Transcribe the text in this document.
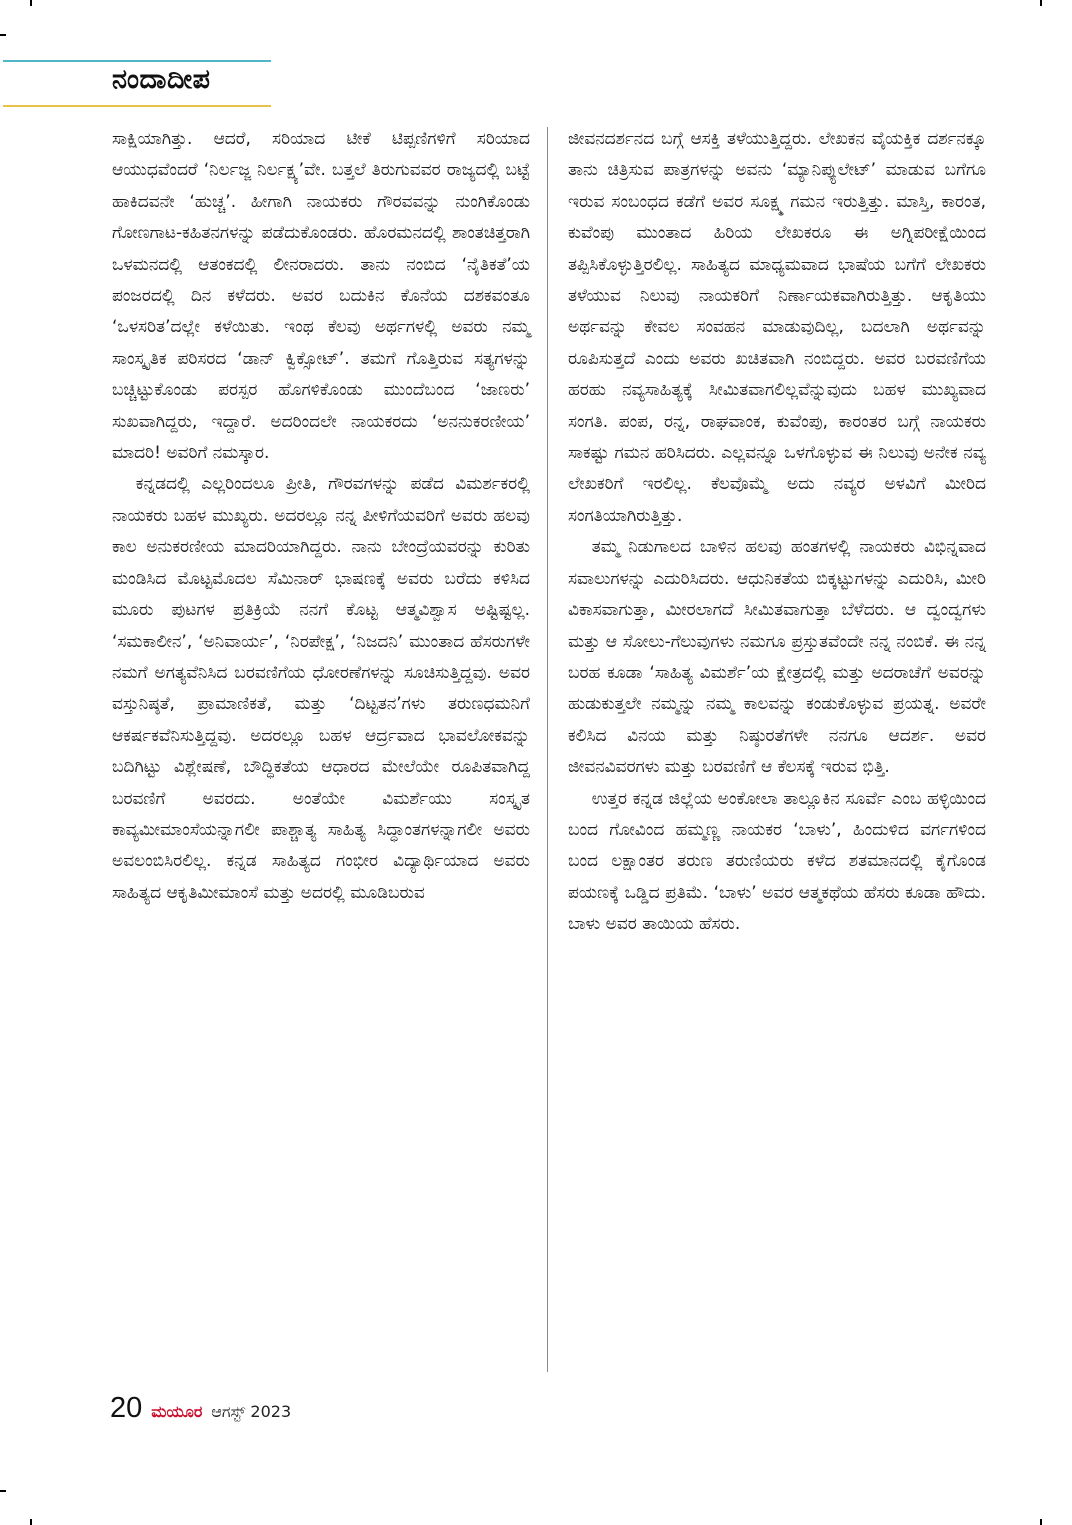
ನಂದಾದೀಪ

ಸಾಕ್ಷಿಯಾಗಿತ್ತು. ಆದರೆ, ಸರಿಯಾದ ಟೀಕೆ ಟಿಪ್ಪಣಿಗಳಿಗೆ ಸರಿಯಾದ ಆಯುಧವೆಂದರೆ ‘ನಿರ್ಲಜ್ಜ ನಿರ್ಲಕ್ಷ್ಯ’ವೇ. ಬತ್ತಲೆ ತಿರುಗುವವರ ರಾಜ್ಯದಲ್ಲಿ ಬಟ್ಟೆ ಹಾಕಿದವನೇ ‘ಹುಚ್ಚ’. ಹೀಗಾಗಿ ನಾಯಕರು ಗೌರವವನ್ನು ನುಂಗಿಕೊಂಡು ಗೋಣಗಾಟ-ಕಹಿತನಗಳನ್ನು ಪಡೆದುಕೊಂಡರು. ಹೊರಮನದಲ್ಲಿ ಶಾಂತಚಿತ್ತರಾಗಿ ಒಳಮನದಲ್ಲಿ ಆತಂಕದಲ್ಲಿ ಲೀನರಾದರು. ತಾನು ನಂಬಿದ ‘ನೈತಿಕತೆ’ಯ ಪಂಜರದಲ್ಲಿ ದಿನ ಕಳೆದರು. ಅವರ ಬದುಕಿನ ಕೊನೆಯ ದಶಕವಂತೂ ‘ಒಳಸರಿತ’ದಲ್ಲೇ ಕಳೆಯಿತು. ಇಂಥ ಕೆಲವು ಅರ್ಥಗಳಲ್ಲಿ ಅವರು ನಮ್ಮ ಸಾಂಸ್ಕೃತಿಕ ಪರಿಸರದ ‘ಡಾನ್ ಕ್ವಿಕ್ಸೋಟ್’. ತಮಗೆ ಗೊತ್ತಿರುವ ಸತ್ಯಗಳನ್ನು ಬಚ್ಚಿಟ್ಟುಕೊಂಡು ಪರಸ್ಪರ ಹೊಗಳಿಕೊಂಡು ಮುಂದೆಬಂದ ‘ಜಾಣರು’ ಸುಖವಾಗಿದ್ದರು, ಇದ್ದಾರೆ. ಅದರಿಂದಲೇ ನಾಯಕರದು ‘ಅನನುಕರಣೀಯ’ ಮಾದರಿ! ಅವರಿಗೆ ನಮಸ್ಕಾರ.

ಕನ್ನಡದಲ್ಲಿ ಎಲ್ಲರಿಂದಲೂ ಪ್ರೀತಿ, ಗೌರವಗಳನ್ನು ಪಡೆದ ವಿಮರ್ಶಕರಲ್ಲಿ ನಾಯಕರು ಬಹಳ ಮುಖ್ಯರು. ಅದರಲ್ಲೂ ನನ್ನ ಪೀಳಿಗೆಯವರಿಗೆ ಅವರು ಹಲವು ಕಾಲ ಅನುಕರಣೀಯ ಮಾದರಿಯಾಗಿದ್ದರು. ನಾನು ಬೇಂದ್ರೆಯವರನ್ನು ಕುರಿತು ಮಂಡಿಸಿದ ಮೊಟ್ಟಮೊದಲ ಸೆಮಿನಾರ್ ಭಾಷಣಕ್ಕೆ ಅವರು ಬರೆದು ಕಳಿಸಿದ ಮೂರು ಪುಟಗಳ ಪ್ರತಿಕ್ರಿಯೆ ನನಗೆ ಕೊಟ್ಟ ಆತ್ಮವಿಶ್ವಾಸ ಅಷ್ಟಿಷ್ಟಲ್ಲ. ‘ಸಮಕಾಲೀನ’, ‘ಅನಿವಾರ್ಯ’, ‘ನಿರಪೇಕ್ಷ’, ‘ನಿಜದನಿ’ ಮುಂತಾದ ಹೆಸರುಗಳೇ ನಮಗೆ ಅಗತ್ಯವೆನಿಸಿದ ಬರವಣಿಗೆಯ ಧೋರಣೆಗಳನ್ನು ಸೂಚಿಸುತ್ತಿದ್ದವು. ಅವರ ವಸ್ತುನಿಷ್ಠತೆ, ಪ್ರಾಮಾಣಿಕತೆ, ಮತ್ತು ‘ದಿಟ್ಟತನ’ಗಳು ತರುಣಧಮನಿಗೆ ಆಕರ್ಷಕವೆನಿಸುತ್ತಿದ್ದವು. ಅದರಲ್ಲೂ ಬಹಳ ಆರ್ದ್ರವಾದ ಭಾವಲೋಕವನ್ನು ಬದಿಗಿಟ್ಟು ವಿಶ್ಲೇಷಣೆ, ಬೌದ್ಧಿಕತೆಯ ಆಧಾರದ ಮೇಲೆಯೇ ರೂಪಿತವಾಗಿದ್ದ ಬರವಣಿಗೆ ಅವರದು. ಅಂತೆಯೇ ವಿಮರ್ಶೆಯು ಸಂಸ್ಕೃತ ಕಾವ್ಯಮೀಮಾಂಸೆಯನ್ನಾಗಲೀ ಪಾಶ್ಚಾತ್ಯ ಸಾಹಿತ್ಯ ಸಿದ್ಧಾಂತಗಳನ್ನಾಗಲೀ ಅವರು ಅವಲಂಬಿಸಿರಲಿಲ್ಲ. ಕನ್ನಡ ಸಾಹಿತ್ಯದ ಗಂಭೀರ ವಿದ್ಯಾರ್ಥಿಯಾದ ಅವರು ಸಾಹಿತ್ಯದ ಆಕೃತಿಮೀಮಾಂಸೆ ಮತ್ತು ಅದರಲ್ಲಿ ಮೂಡಿಬರುವ

ಜೀವನದರ್ಶನದ ಬಗ್ಗೆ ಆಸಕ್ತಿ ತಳೆಯುತ್ತಿದ್ದರು. ಲೇಖಕನ ವೈಯಕ್ತಿಕ ದರ್ಶನಕ್ಕೂ ತಾನು ಚಿತ್ರಿಸುವ ಪಾತ್ರಗಳನ್ನು ಅವನು ‘ಮ್ಯಾನಿಪ್ಯುಲೇಟ್’ ಮಾಡುವ ಬಗೆಗೂ ಇರುವ ಸಂಬಂಧದ ಕಡೆಗೆ ಅವರ ಸೂಕ್ಷ್ಮ ಗಮನ ಇರುತ್ತಿತ್ತು. ಮಾಸ್ತಿ, ಕಾರಂತ, ಕುವೆಂಪು ಮುಂತಾದ ಹಿರಿಯ ಲೇಖಕರೂ ಈ ಅಗ್ನಿಪರೀಕ್ಷೆಯಿಂದ ತಪ್ಪಿಸಿಕೊಳ್ಳುತ್ತಿರಲಿಲ್ಲ. ಸಾಹಿತ್ಯದ ಮಾಧ್ಯಮವಾದ ಭಾಷೆಯ ಬಗೆಗೆ ಲೇಖಕರು ತಳೆಯುವ ನಿಲುವು ನಾಯಕರಿಗೆ ನಿರ್ಣಾಯಕವಾಗಿರುತ್ತಿತ್ತು. ಆಕೃತಿಯು ಅರ್ಥವನ್ನು ಕೇವಲ ಸಂವಹನ ಮಾಡುವುದಿಲ್ಲ, ಬದಲಾಗಿ ಅರ್ಥವನ್ನು ರೂಪಿಸುತ್ತದೆ ಎಂದು ಅವರು ಖಚಿತವಾಗಿ ನಂಬಿದ್ದರು. ಅವರ ಬರವಣಿಗೆಯ ಹರಹು ನವ್ಯಸಾಹಿತ್ಯಕ್ಕೆ ಸೀಮಿತವಾಗಲಿಲ್ಲವೆನ್ನುವುದು ಬಹಳ ಮುಖ್ಯವಾದ ಸಂಗತಿ. ಪಂಪ, ರನ್ನ, ರಾಘವಾಂಕ, ಕುವೆಂಪು, ಕಾರಂತರ ಬಗ್ಗೆ ನಾಯಕರು ಸಾಕಷ್ಟು ಗಮನ ಹರಿಸಿದರು. ಎಲ್ಲವನ್ನೂ ಒಳಗೊಳ್ಳುವ ಈ ನಿಲುವು ಅನೇಕ ನವ್ಯ ಲೇಖಕರಿಗೆ ಇರಲಿಲ್ಲ. ಕೆಲವೊಮ್ಮೆ ಅದು ನವ್ಯರ ಅಳವಿಗೆ ಮೀರಿದ ಸಂಗತಿಯಾಗಿರುತ್ತಿತ್ತು.

ತಮ್ಮ ನಿಡುಗಾಲದ ಬಾಳಿನ ಹಲವು ಹಂತಗಳಲ್ಲಿ ನಾಯಕರು ವಿಭಿನ್ನವಾದ ಸವಾಲುಗಳನ್ನು ಎದುರಿಸಿದರು. ಆಧುನಿಕತೆಯ ಬಿಕ್ಕಟ್ಟುಗಳನ್ನು ಎದುರಿಸಿ, ಮೀರಿ ವಿಕಾಸವಾಗುತ್ತಾ, ಮೀರಲಾಗದೆ ಸೀಮಿತವಾಗುತ್ತಾ ಬೆಳೆದರು. ಆ ದ್ವಂದ್ವಗಳು ಮತ್ತು ಆ ಸೋಲು-ಗೆಲುವುಗಳು ನಮಗೂ ಪ್ರಸ್ತುತವೆಂದೇ ನನ್ನ ನಂಬಿಕೆ. ಈ ನನ್ನ ಬರಹ ಕೂಡಾ ‘ಸಾಹಿತ್ಯ ವಿಮರ್ಶೆ’ಯ ಕ್ಷೇತ್ರದಲ್ಲಿ ಮತ್ತು ಅದರಾಚೆಗೆ ಅವರನ್ನು ಹುಡುಕುತ್ತಲೇ ನಮ್ಮನ್ನು ನಮ್ಮ ಕಾಲವನ್ನು ಕಂಡುಕೊಳ್ಳುವ ಪ್ರಯತ್ನ. ಅವರೇ ಕಲಿಸಿದ ವಿನಯ ಮತ್ತು ನಿಷ್ಠುರತೆಗಳೇ ನನಗೂ ಆದರ್ಶ. ಅವರ ಜೀವನವಿವರಗಳು ಮತ್ತು ಬರವಣಿಗೆ ಆ ಕೆಲಸಕ್ಕೆ ಇರುವ ಭಿತ್ತಿ.

ಉತ್ತರ ಕನ್ನಡ ಜಿಲ್ಲೆಯ ಅಂಕೋಲಾ ತಾಲ್ಲೂಕಿನ ಸೂರ್ವೆ ಎಂಬ ಹಳ್ಳಿಯಿಂದ ಬಂದ ಗೋವಿಂದ ಹಮ್ಮಣ್ಣ ನಾಯಕರ ‘ಬಾಳು’, ಹಿಂದುಳಿದ ವರ್ಗಗಳಿಂದ ಬಂದ ಲಕ್ಷಾಂತರ ತರುಣ ತರುಣಿಯರು ಕಳೆದ ಶತಮಾನದಲ್ಲಿ ಕೈಗೊಂಡ ಪಯಣಕ್ಕೆ ಒಡ್ಡಿದ ಪ್ರತಿಮೆ. ‘ಬಾಳು’ ಅವರ ಆತ್ಮಕಥೆಯ ಹೆಸರು ಕೂಡಾ ಹೌದು. ಬಾಳು ಅವರ ತಾಯಿಯ ಹೆಸರು.

20 ಮಯೂರ ಆಗಸ್ಟ್ 2023
